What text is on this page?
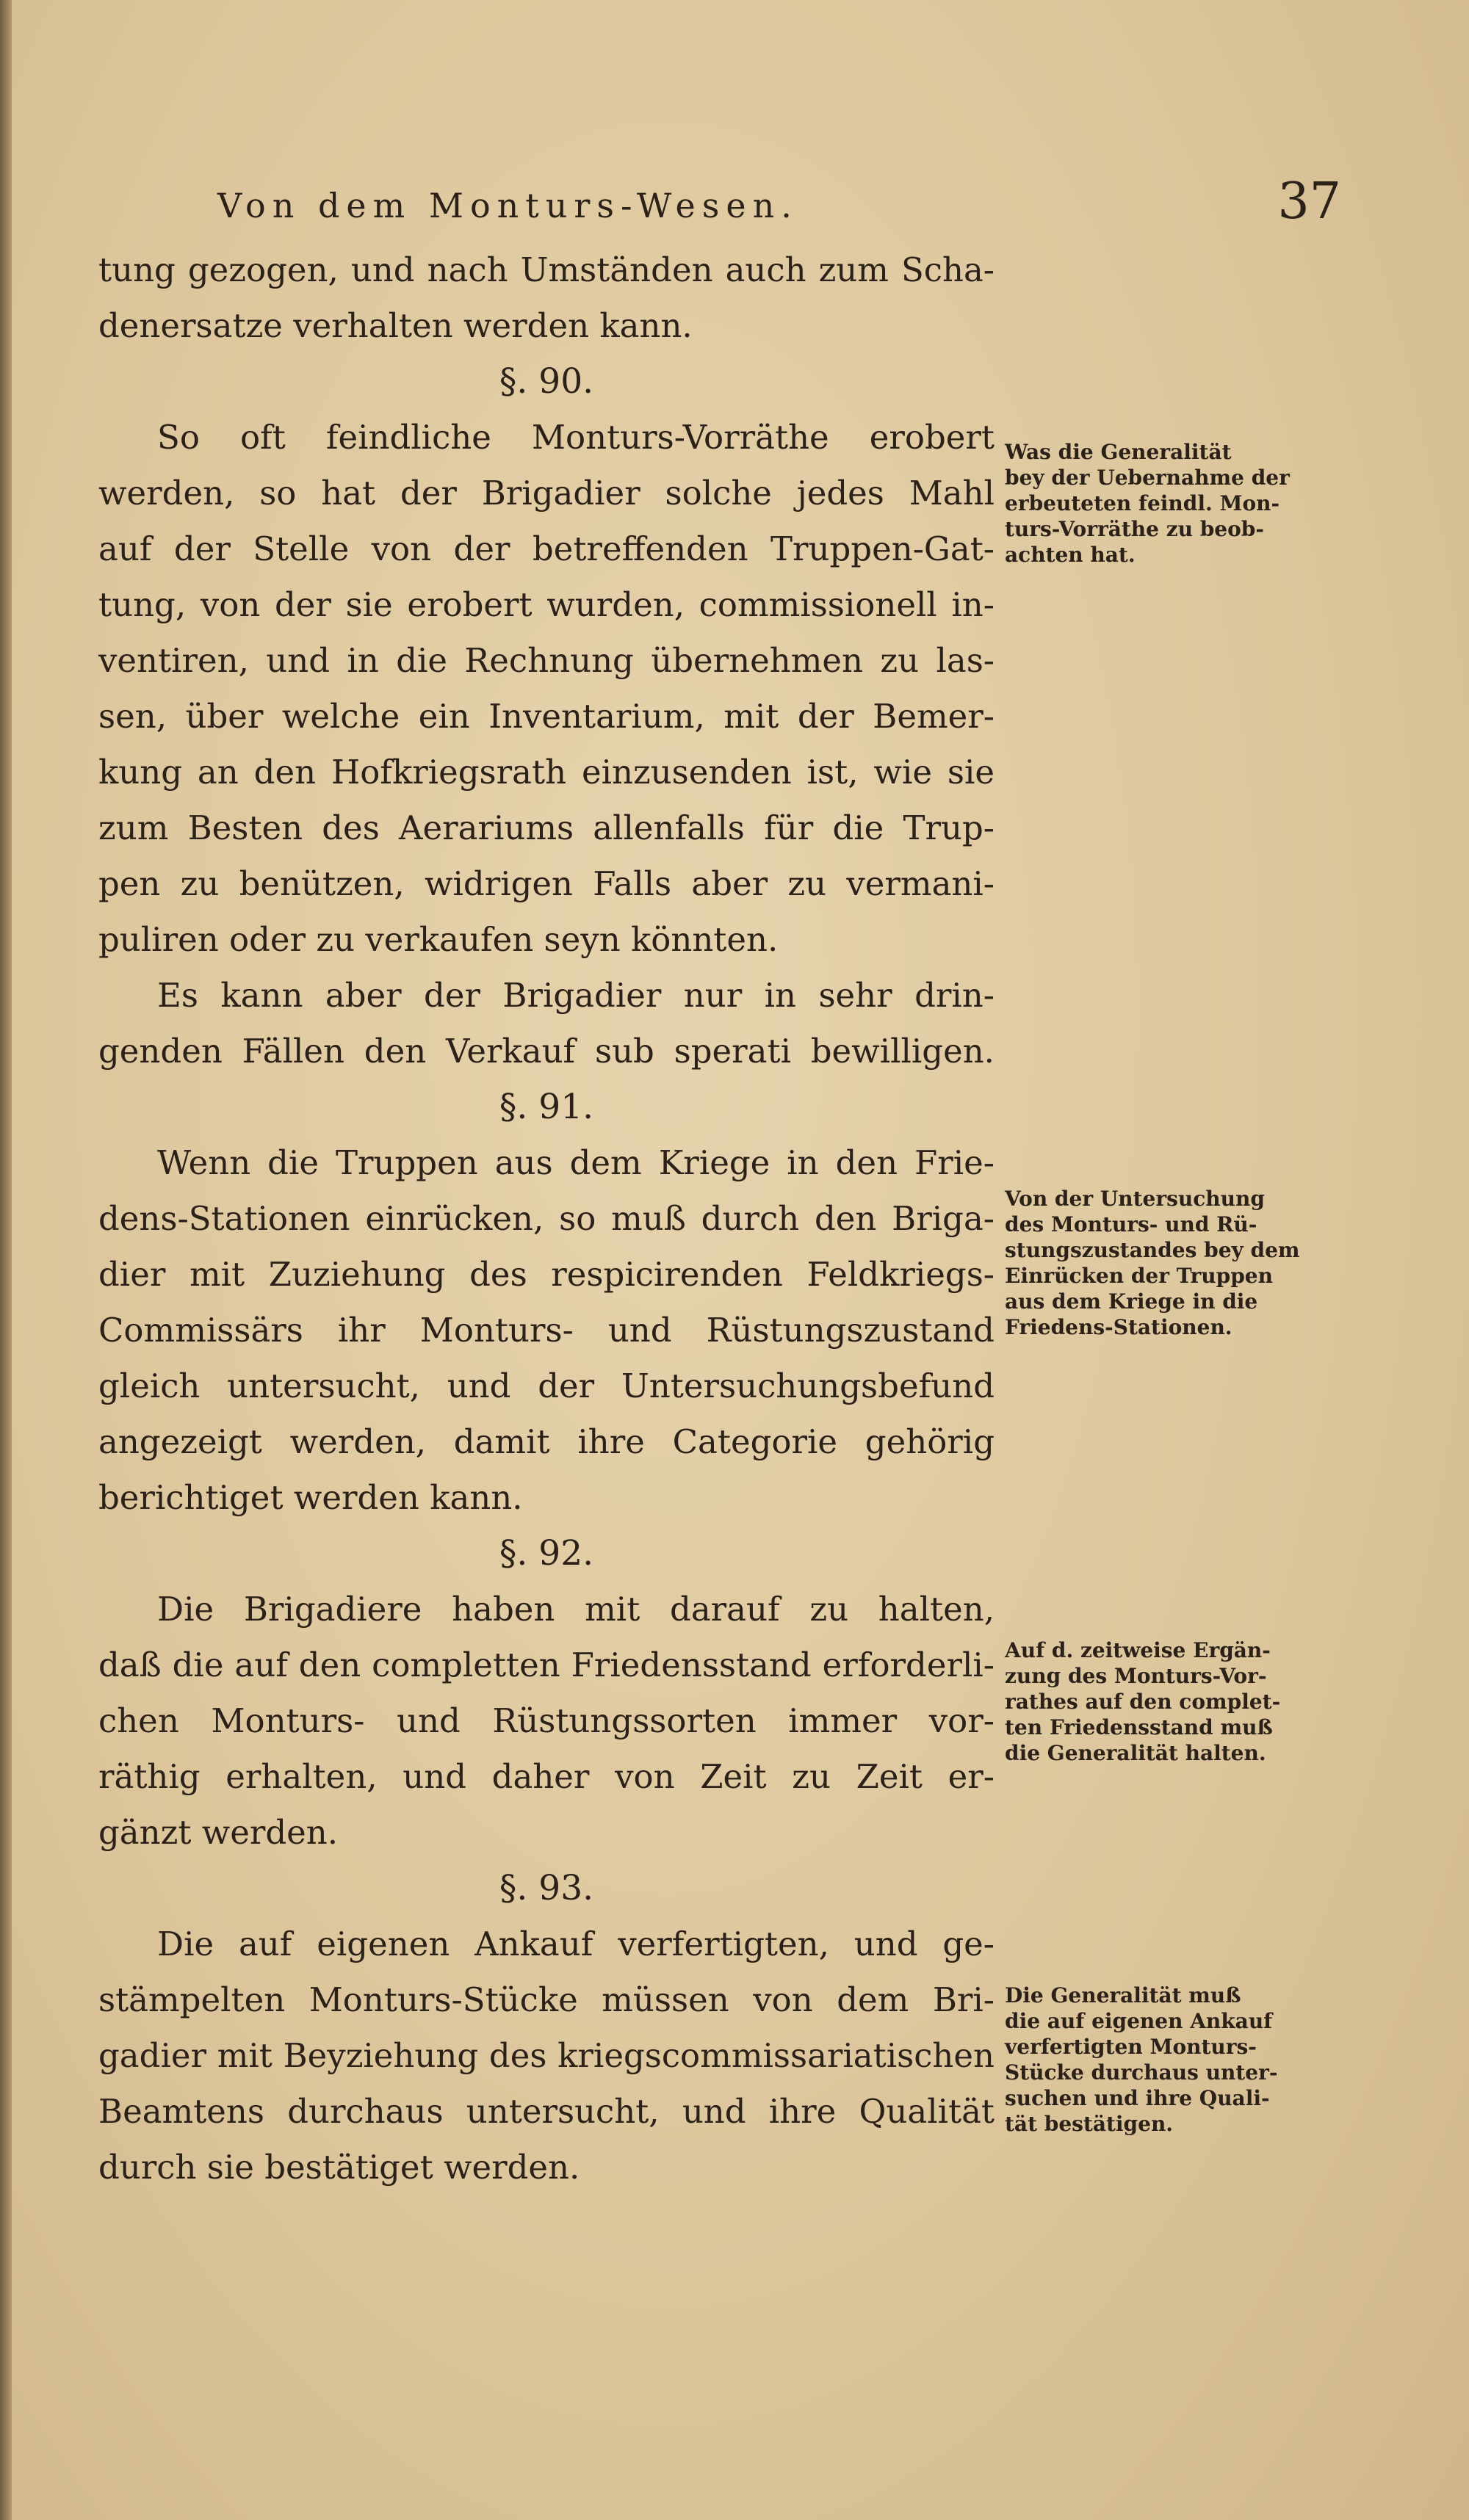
Von dem Monturs-Wesen.	37
tung gezogen, und nach Umständen auch zum Scha-
denersatze verhalten werden kann.
§. 90.
So oft feindliche Monturs-Vorräthe erobert
werden, so hat der Brigadier solche jedes Mahl
auf der Stelle von der betreffenden Truppen-Gat-
tung, von der sie erobert wurden, commissionell in-
ventiren, und in die Rechnung übernehmen zu las-
sen, über welche ein Inventarium, mit der Bemer-
kung an den Hofkriegsrath einzusenden ist, wie sie
zum Besten des Aerariums allenfalls für die Trup-
pen zu benützen, widrigen Falls aber zu vermani-
puliren oder zu verkaufen seyn könnten.
Es kann aber der Brigadier nur in sehr drin-
genden Fällen den Verkauf sub sperati bewilligen.
§. 91.
Wenn die Truppen aus dem Kriege in den Frie-
dens-Stationen einrücken, so muß durch den Briga-
dier mit Zuziehung des respicirenden Feldkriegs-
Commissärs ihr Monturs- und Rüstungszustand
gleich untersucht, und der Untersuchungsbefund
angezeigt werden, damit ihre Categorie gehörig
berichtiget werden kann.
§. 92.
Die Brigadiere haben mit darauf zu halten,
daß die auf den completten Friedensstand erforderli-
chen Monturs- und Rüstungssorten immer vor-
räthig erhalten, und daher von Zeit zu Zeit er-
gänzt werden.
§. 93.
Die auf eigenen Ankauf verfertigten, und ge-
stämpelten Monturs-Stücke müssen von dem Bri-
gadier mit Beyziehung des kriegscommissariatischen
Beamtens durchaus untersucht, und ihre Qualität
durch sie bestätiget werden.
Was die Generalität
bey der Uebernahme der
erbeuteten feindl. Mon-
turs-Vorräthe zu beob-
achten hat.
Von der Untersuchung
des Monturs- und Rü-
stungszustandes bey dem
Einrücken der Truppen
aus dem Kriege in die
Friedens-Stationen.
Auf d. zeitweise Ergän-
zung des Monturs-Vor-
rathes auf den complet-
ten Friedensstand muß
die Generalität halten.
Die Generalität muß
die auf eigenen Ankauf
verfertigten Monturs-
Stücke durchaus unter-
suchen und ihre Quali-
tät bestätigen.
